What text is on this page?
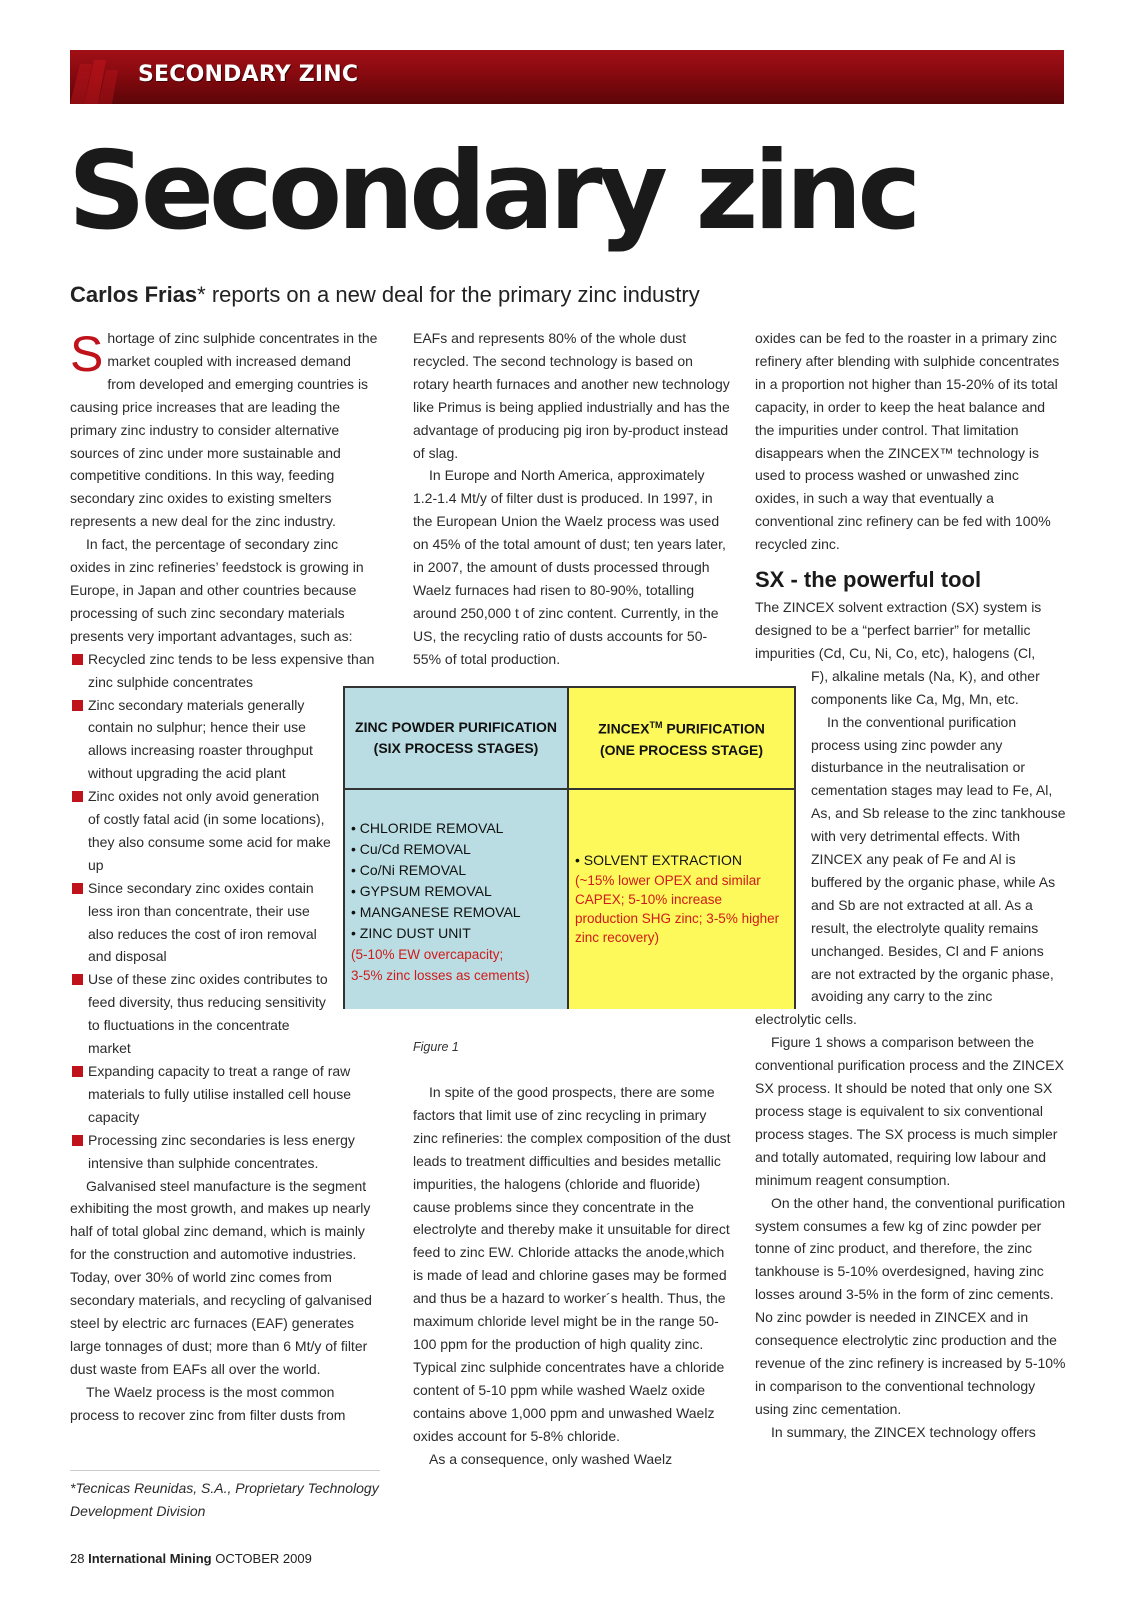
SECONDARY ZINC
Secondary zinc
Carlos Frias* reports on a new deal for the primary zinc industry

Shortage of zinc sulphide concentrates in the market coupled with increased demand from developed and emerging countries is causing price increases that are leading the primary zinc industry to consider alternative sources of zinc under more sustainable and competitive conditions. In this way, feeding secondary zinc oxides to existing smelters represents a new deal for the zinc industry.

In fact, the percentage of secondary zinc oxides in zinc refineries’ feedstock is growing in Europe, in Japan and other countries because processing of such zinc secondary materials presents very important advantages, such as:

Recycled zinc tends to be less expensive than zinc sulphide concentrates
Zinc secondary materials generally contain no sulphur; hence their use allows increasing roaster throughput without upgrading the acid plant
Zinc oxides not only avoid generation of costly fatal acid (in some locations), they also consume some acid for make up
Since secondary zinc oxides contain less iron than concentrate, their use also reduces the cost of iron removal and disposal
Use of these zinc oxides contributes to feed diversity, thus reducing sensitivity to fluctuations in the concentrate market
Expanding capacity to treat a range of raw materials to fully utilise installed cell house capacity
Processing zinc secondaries is less energy intensive than sulphide concentrates.

Galvanised steel manufacture is the segment exhibiting the most growth, and makes up nearly half of total global zinc demand, which is mainly for the construction and automotive industries. Today, over 30% of world zinc comes from secondary materials, and recycling of galvanised steel by electric arc furnaces (EAF) generates large tonnages of dust; more than 6 Mt/y of filter dust waste from EAFs all over the world.

The Waelz process is the most common process to recover zinc from filter dusts from

*Tecnicas Reunidas, S.A., Proprietary Technology Development Division

EAFs and represents 80% of the whole dust recycled. The second technology is based on rotary hearth furnaces and another new technology like Primus is being applied industrially and has the advantage of producing pig iron by-product instead of slag.

In Europe and North America, approximately 1.2-1.4 Mt/y of filter dust is produced. In 1997, in the European Union the Waelz process was used on 45% of the total amount of dust; ten years later, in 2007, the amount of dusts processed through Waelz furnaces had risen to 80-90%, totalling around 250,000 t of zinc content. Currently, in the US, the recycling ratio of dusts accounts for 50-55% of total production.

ZINC POWDER PURIFICATION
(SIX PROCESS STAGES)
ZINCEX™ PURIFICATION
(ONE PROCESS STAGE)
• CHLORIDE REMOVAL
• Cu/Cd REMOVAL
• Co/Ni REMOVAL
• GYPSUM REMOVAL
• MANGANESE REMOVAL
• ZINC DUST UNIT
(5-10% EW overcapacity;
3-5% zinc losses as cements)
• SOLVENT EXTRACTION
(~15% lower OPEX and similar CAPEX; 5-10% increase production SHG zinc; 3-5% higher zinc recovery)
Figure 1

In spite of the good prospects, there are some factors that limit use of zinc recycling in primary zinc refineries: the complex composition of the dust leads to treatment difficulties and besides metallic impurities, the halogens (chloride and fluoride) cause problems since they concentrate in the electrolyte and thereby make it unsuitable for direct feed to zinc EW. Chloride attacks the anode,which is made of lead and chlorine gases may be formed and thus be a hazard to worker´s health. Thus, the maximum chloride level might be in the range 50-100 ppm for the production of high quality zinc. Typical zinc sulphide concentrates have a chloride content of 5-10 ppm while washed Waelz oxide contains above 1,000 ppm and unwashed Waelz oxides account for 5-8% chloride.

As a consequence, only washed Waelz

oxides can be fed to the roaster in a primary zinc refinery after blending with sulphide concentrates in a proportion not higher than 15-20% of its total capacity, in order to keep the heat balance and the impurities under control. That limitation disappears when the ZINCEX™ technology is used to process washed or unwashed zinc oxides, in such a way that eventually a conventional zinc refinery can be fed with 100% recycled zinc.

SX - the powerful tool

The ZINCEX solvent extraction (SX) system is designed to be a “perfect barrier” for metallic impurities (Cd, Cu, Ni, Co, etc), halogens (Cl,

F), alkaline metals (Na, K), and other components like Ca, Mg, Mn, etc.

In the conventional purification process using zinc powder any disturbance in the neutralisation or cementation stages may lead to Fe, Al, As, and Sb release to the zinc tankhouse with very detrimental effects. With ZINCEX any peak of Fe and Al is buffered by the organic phase, while As and Sb are not extracted at all. As a result, the electrolyte quality remains unchanged. Besides, Cl and F anions are not extracted by the organic phase, avoiding any carry to the zinc

electrolytic cells.

Figure 1 shows a comparison between the conventional purification process and the ZINCEX SX process. It should be noted that only one SX process stage is equivalent to six conventional process stages. The SX process is much simpler and totally automated, requiring low labour and minimum reagent consumption.

On the other hand, the conventional purification system consumes a few kg of zinc powder per tonne of zinc product, and therefore, the zinc tankhouse is 5-10% overdesigned, having zinc losses around 3-5% in the form of zinc cements. No zinc powder is needed in ZINCEX and in consequence electrolytic zinc production and the revenue of the zinc refinery is increased by 5-10% in comparison to the conventional technology using zinc cementation.

In summary, the ZINCEX technology offers

28 International Mining OCTOBER 2009
